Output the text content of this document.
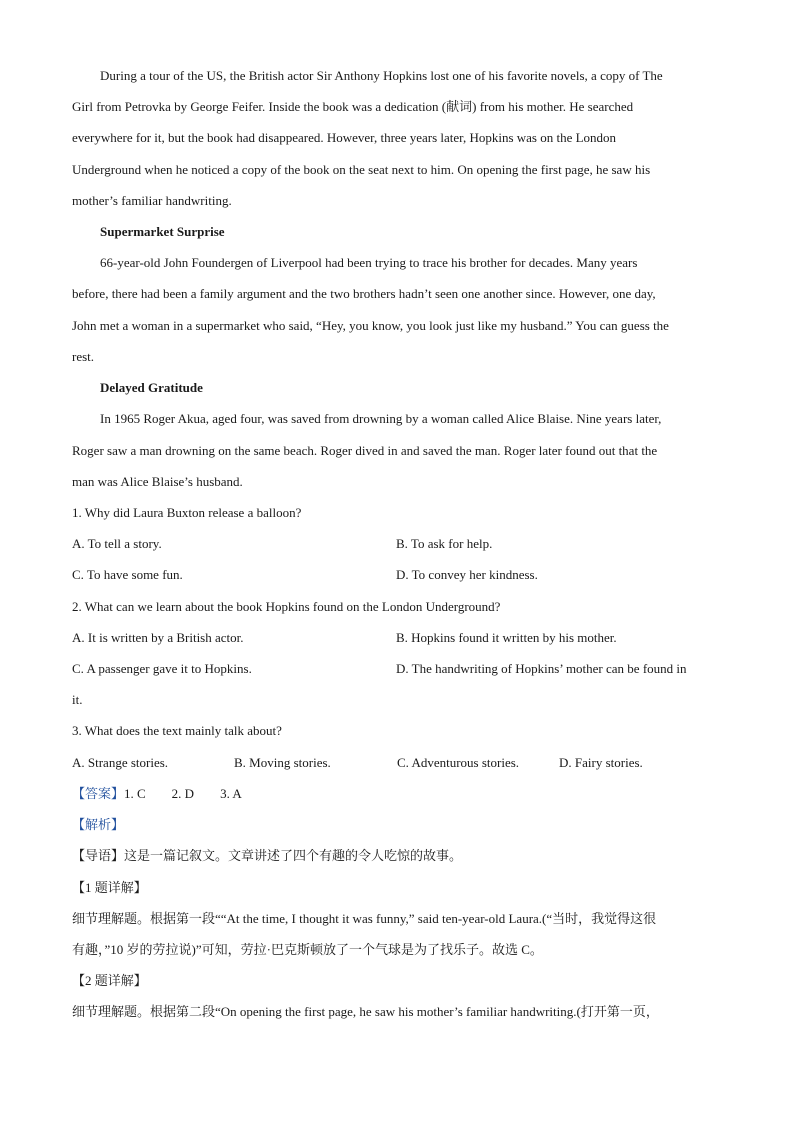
During a tour of the US, the British actor Sir Anthony Hopkins lost one of his favorite novels, a copy of The
Girl from Petrovka by George Feifer. Inside the book was a dedication (献词) from his mother. He searched
everywhere for it, but the book had disappeared. However, three years later, Hopkins was on the London
Underground when he noticed a copy of the book on the seat next to him. On opening the first page, he saw his
mother’s familiar handwriting.
Supermarket Surprise
66-year-old John Foundergen of Liverpool had been trying to trace his brother for decades. Many years
before, there had been a family argument and the two brothers hadn’t seen one another since. However, one day,
John met a woman in a supermarket who said, “Hey, you know, you look just like my husband.” You can guess the
rest.
Delayed Gratitude
In 1965 Roger Akua, aged four, was saved from drowning by a woman called Alice Blaise. Nine years later,
Roger saw a man drowning on the same beach. Roger dived in and saved the man. Roger later found out that the
man was Alice Blaise’s husband.
1. Why did Laura Buxton release a balloon?
A. To tell a story.	B. To ask for help.
C. To have some fun.	D. To convey her kindness.
2. What can we learn about the book Hopkins found on the London Underground?
A. It is written by a British actor.	B. Hopkins found it written by his mother.
C. A passenger gave it to Hopkins.	D. The handwriting of Hopkins’ mother can be found in
it.
3. What does the text mainly talk about?
A. Strange stories.	B. Moving stories.	C. Adventurous stories.	D. Fairy stories.
【答案】1. C        2. D        3. A
【解析】
【导语】这是一篇记叙文。文章讲述了四个有趣的令人吃惊的故事。
【1 题详解】
细节理解题。根据第一段““At the time, I thought it was funny,” said ten-year-old Laura.(“当时，我觉得这很
有趣，”10 岁的劳拉说)”可知，劳拉·巴克斯顿放了一个气球是为了找乐子。故选 C。
【2 题详解】
细节理解题。根据第二段“On opening the first page, he saw his mother’s familiar handwriting.(打开第一页，
